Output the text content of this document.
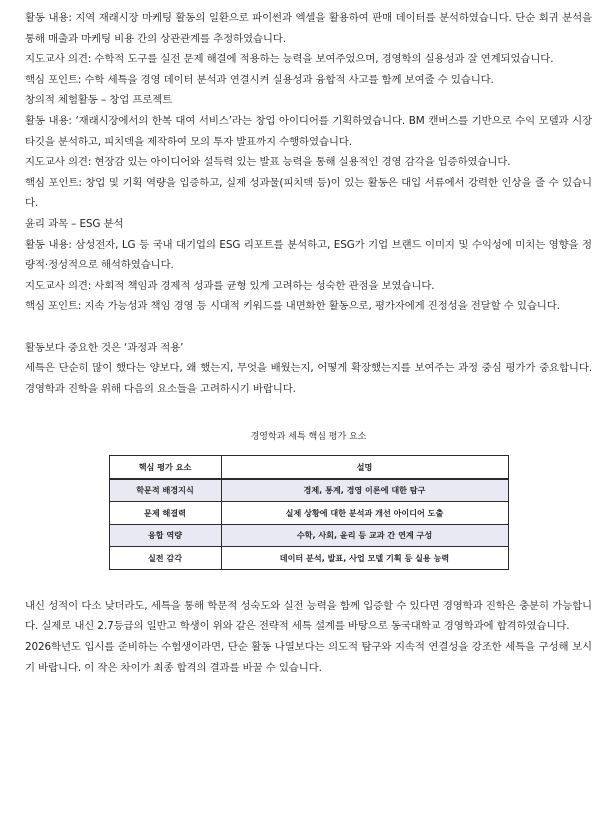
활동 내용: 지역 재래시장 마케팅 활동의 일환으로 파이썬과 엑셀을 활용하여 판매 데이터를 분석하였습니다. 단순 회귀 분석을 통해 매출과 마케팅 비용 간의 상관관계를 추정하였습니다.

지도교사 의견: 수학적 도구를 실전 문제 해결에 적용하는 능력을 보여주었으며, 경영학의 실용성과 잘 연계되었습니다.

핵심 포인트: 수학 세특을 경영 데이터 분석과 연결시켜 실용성과 융합적 사고를 함께 보여줄 수 있습니다.

창의적 체험활동 – 창업 프로젝트

활동 내용: ‘재래시장에서의 한복 대여 서비스’라는 창업 아이디어를 기획하였습니다. BM 캔버스를 기반으로 수익 모델과 시장 타깃을 분석하고, 피치덱을 제작하여 모의 투자 발표까지 수행하였습니다.

지도교사 의견: 현장감 있는 아이디어와 설득력 있는 발표 능력을 통해 실용적인 경영 감각을 입증하였습니다.

핵심 포인트: 창업 및 기획 역량을 입증하고, 실제 성과물(피치덱 등)이 있는 활동은 대입 서류에서 강력한 인상을 줄 수 있습니다.

윤리 과목 – ESG 분석

활동 내용: 삼성전자, LG 등 국내 대기업의 ESG 리포트를 분석하고, ESG가 기업 브랜드 이미지 및 수익성에 미치는 영향을 정량적·정성적으로 해석하였습니다.

지도교사 의견: 사회적 책임과 경제적 성과를 균형 있게 고려하는 성숙한 관점을 보였습니다.

핵심 포인트: 지속 가능성과 책임 경영 등 시대적 키워드를 내면화한 활동으로, 평가자에게 진정성을 전달할 수 있습니다.

활동보다 중요한 것은 ‘과정과 적용’

세특은 단순히 많이 했다는 양보다, 왜 했는지, 무엇을 배웠는지, 어떻게 확장했는지를 보여주는 과정 중심 평가가 중요합니다. 경영학과 진학을 위해 다음의 요소들을 고려하시기 바랍니다.

경영학과 세특 핵심 평가 요소
핵심 평가 요소	설명
학문적 배경지식	경제, 통계, 경영 이론에 대한 탐구
문제 해결력	실제 상황에 대한 분석과 개선 아이디어 도출
융합 역량	수학, 사회, 윤리 등 교과 간 연계 구성
실전 감각	데이터 분석, 발표, 사업 모델 기획 등 실용 능력

내신 성적이 다소 낮더라도, 세특을 통해 학문적 성숙도와 실전 능력을 함께 입증할 수 있다면 경영학과 진학은 충분히 가능합니다. 실제로 내신 2.7등급의 일반고 학생이 위와 같은 전략적 세특 설계를 바탕으로 동국대학교 경영학과에 합격하였습니다.

2026학년도 입시를 준비하는 수험생이라면, 단순 활동 나열보다는 의도적 탐구와 지속적 연결성을 강조한 세특을 구성해 보시기 바랍니다. 이 작은 차이가 최종 합격의 결과를 바꿀 수 있습니다.
